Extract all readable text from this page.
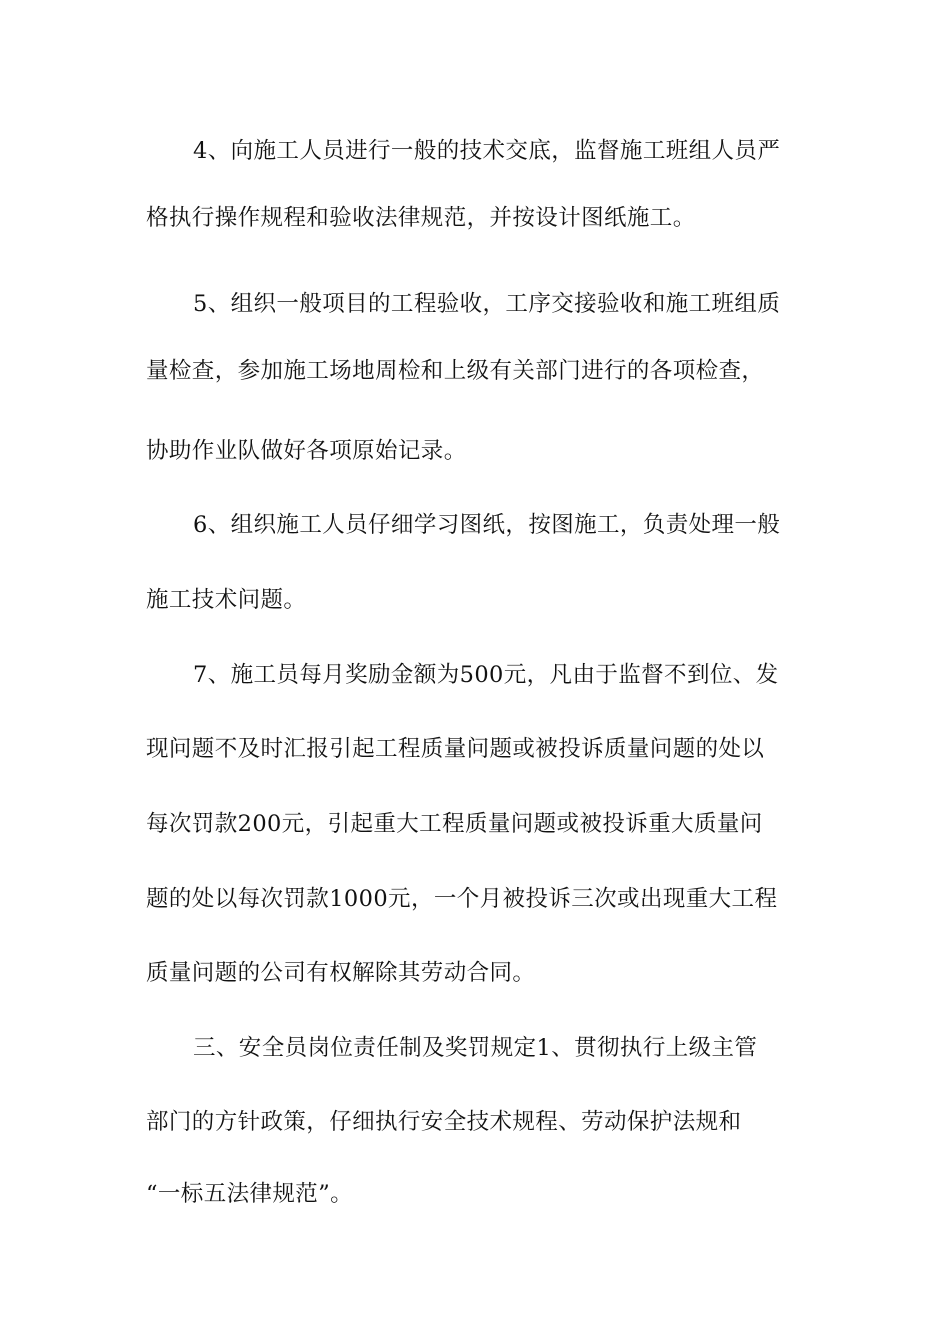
4、向施工人员进行一般的技术交底，监督施工班组人员严
格执行操作规程和验收法律规范，并按设计图纸施工。
5、组织一般项目的工程验收，工序交接验收和施工班组质
量检查，参加施工场地周检和上级有关部门进行的各项检查，
协助作业队做好各项原始记录。
6、组织施工人员仔细学习图纸，按图施工，负责处理一般
施工技术问题。
7、施工员每月奖励金额为500元，凡由于监督不到位、发
现问题不及时汇报引起工程质量问题或被投诉质量问题的处以
每次罚款200元，引起重大工程质量问题或被投诉重大质量问
题的处以每次罚款1000元，一个月被投诉三次或出现重大工程
质量问题的公司有权解除其劳动合同。
三、安全员岗位责任制及奖罚规定1、贯彻执行上级主管
部门的方针政策，仔细执行安全技术规程、劳动保护法规和
“一标五法律规范”。
